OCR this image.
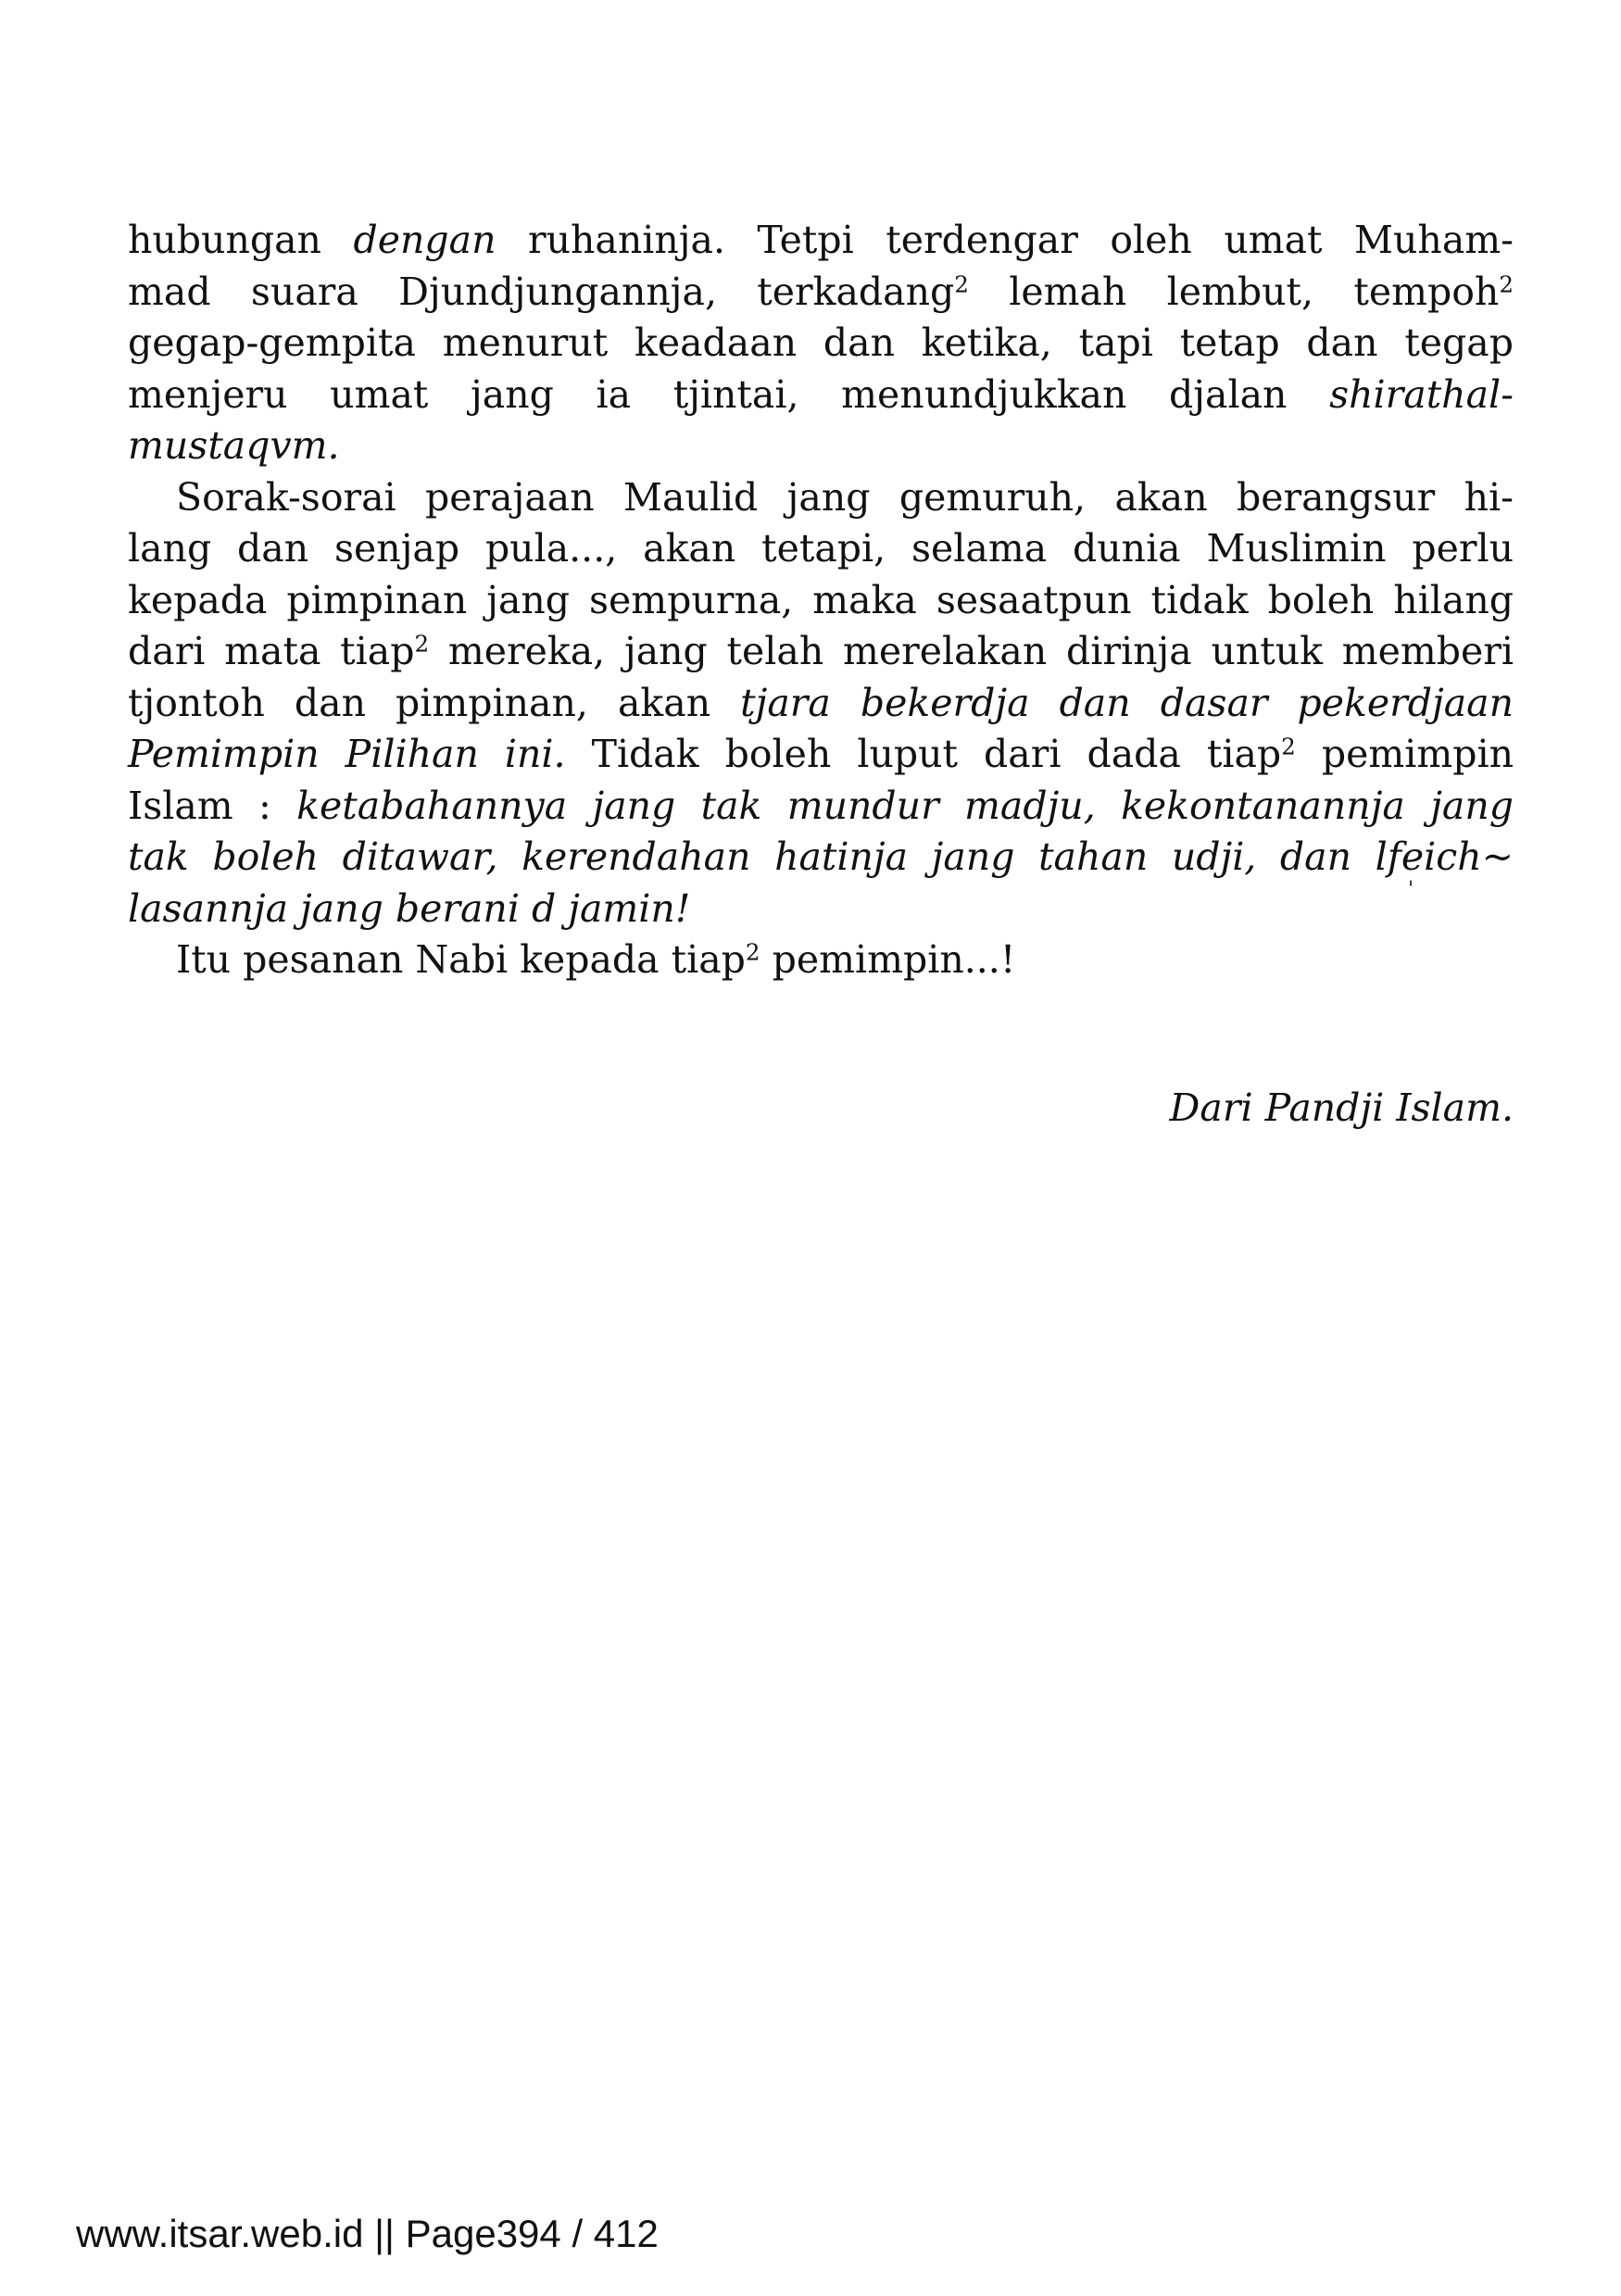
hubungan dengan ruhaninja. Tetpi terdengar oleh umat Muham-
mad suara Djundjungannja, terkadang$^2$ lemah lembut, tempoh$^2$
gegap-gempita menurut keadaan dan ketika, tapi tetap dan tegap
menjeru umat jang ia tjintai, menundjukkan djalan shirathal-
mustaqvm.
Sorak-sorai perajaan Maulid jang gemuruh, akan berangsur hi-
lang dan senjap pula..., akan tetapi, selama dunia Muslimin perlu
kepada pimpinan jang sempurna, maka sesaatpun tidak boleh hilang
dari mata tiap$^2$ mereka, jang telah merelakan dirinja untuk memberi
tjontoh dan pimpinan, akan tjara bekerdja dan dasar pekerdjaan
Pemimpin Pilihan ini. Tidak boleh luput dari dada tiap$^2$ pemimpin
Islam : ketabahannya jang tak mundur madju, kekontanannja jang
tak boleh ditawar, kerendahan hatinja jang tahan udji, dan lfeich~
lasannja jang berani d jamin!
Itu pesanan Nabi kepada tiap$^2$ pemimpin...!
'
Dari Pandji Islam.
www.itsar.web.id || Page394 / 412
